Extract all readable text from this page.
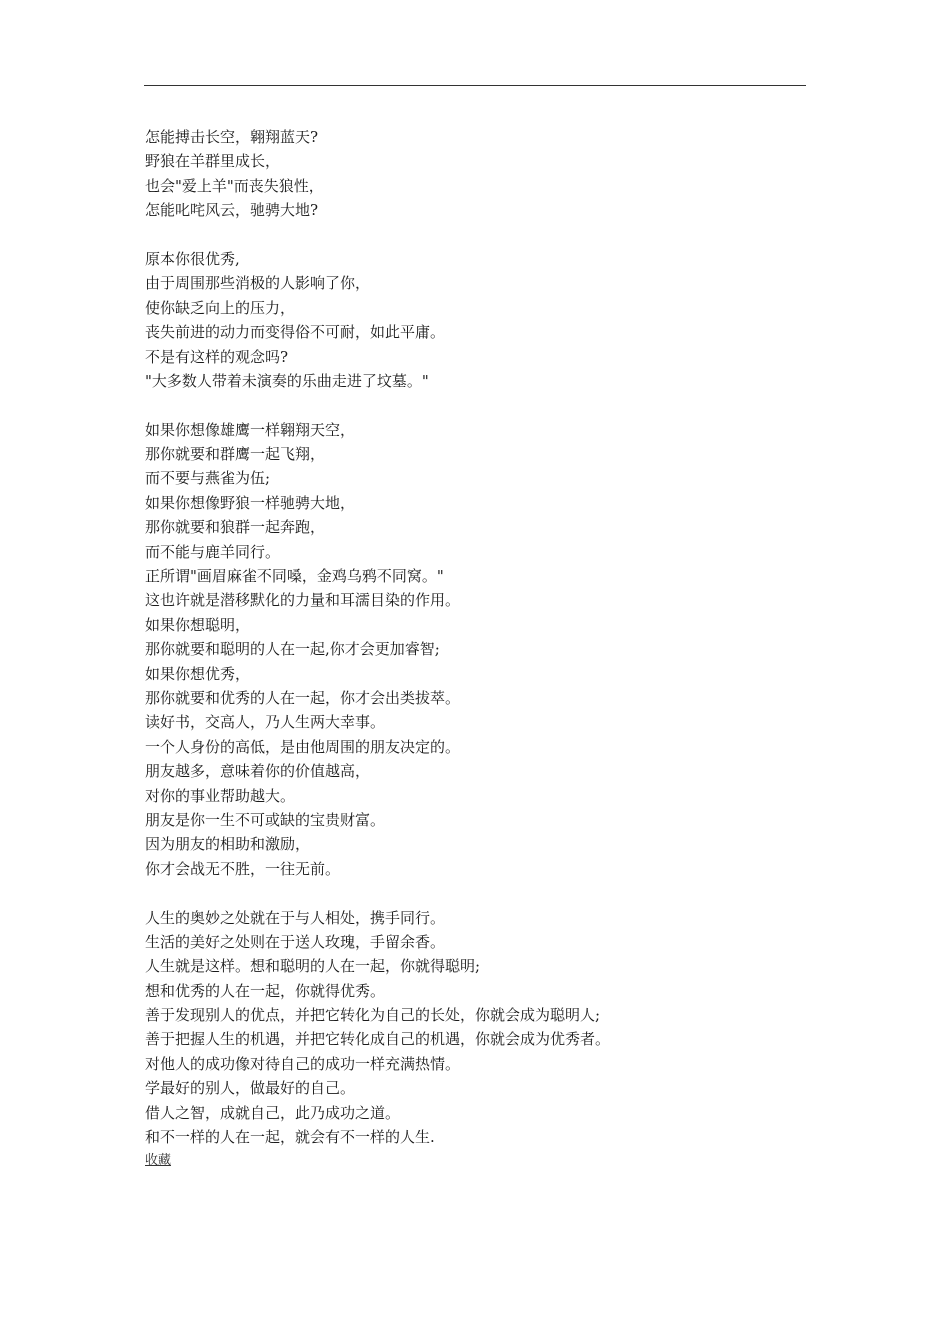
怎能搏击长空，翱翔蓝天?
野狼在羊群里成长，
也会"爱上羊"而丧失狼性，
怎能叱咤风云，驰骋大地?
原本你很优秀,
由于周围那些消极的人影响了你，
使你缺乏向上的压力，
丧失前进的动力而变得俗不可耐，如此平庸。
不是有这样的观念吗?
"大多数人带着未演奏的乐曲走进了坟墓。"
如果你想像雄鹰一样翱翔天空，
那你就要和群鹰一起飞翔，
而不要与燕雀为伍;
如果你想像野狼一样驰骋大地，
那你就要和狼群一起奔跑，
而不能与鹿羊同行。
正所谓"画眉麻雀不同嗓，金鸡乌鸦不同窝。"
这也许就是潜移默化的力量和耳濡目染的作用。
如果你想聪明，
那你就要和聪明的人在一起,你才会更加睿智;
如果你想优秀，
那你就要和优秀的人在一起，你才会出类拔萃。
读好书，交高人，乃人生两大幸事。
一个人身份的高低，是由他周围的朋友决定的。
朋友越多，意味着你的价值越高，
对你的事业帮助越大。
朋友是你一生不可或缺的宝贵财富。
因为朋友的相助和激励，
你才会战无不胜，一往无前。
人生的奥妙之处就在于与人相处，携手同行。
生活的美好之处则在于送人玫瑰，手留余香。
人生就是这样。想和聪明的人在一起，你就得聪明;
想和优秀的人在一起，你就得优秀。
善于发现别人的优点，并把它转化为自己的长处，你就会成为聪明人;
善于把握人生的机遇，并把它转化成自己的机遇，你就会成为优秀者。
对他人的成功像对待自己的成功一样充满热情。
学最好的别人，做最好的自己。
借人之智，成就自己，此乃成功之道。
和不一样的人在一起，就会有不一样的人生.
收藏
